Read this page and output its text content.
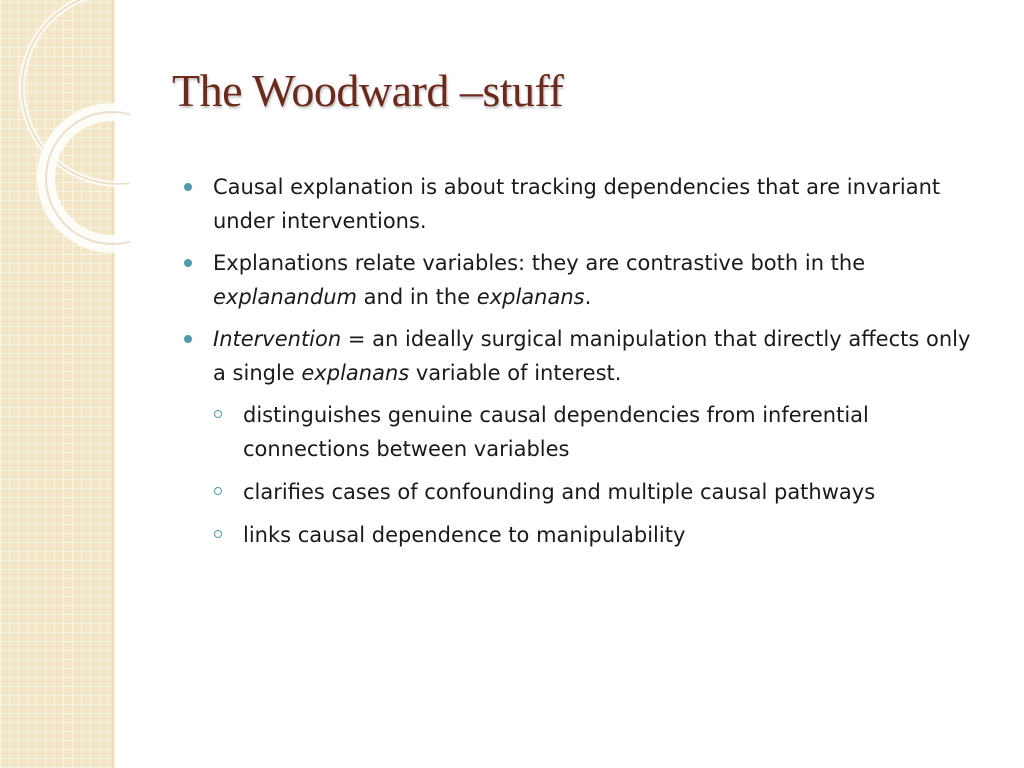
The Woodward –stuff
Causal explanation is about tracking dependencies that are invariant under interventions.
Explanations relate variables: they are contrastive both in the explanandum and in the explanans.
Intervention = an ideally surgical manipulation that directly affects only a single explanans variable of interest.
distinguishes genuine causal dependencies from inferential connections between variables
clarifies cases of confounding and multiple causal pathways
links causal dependence to manipulability
